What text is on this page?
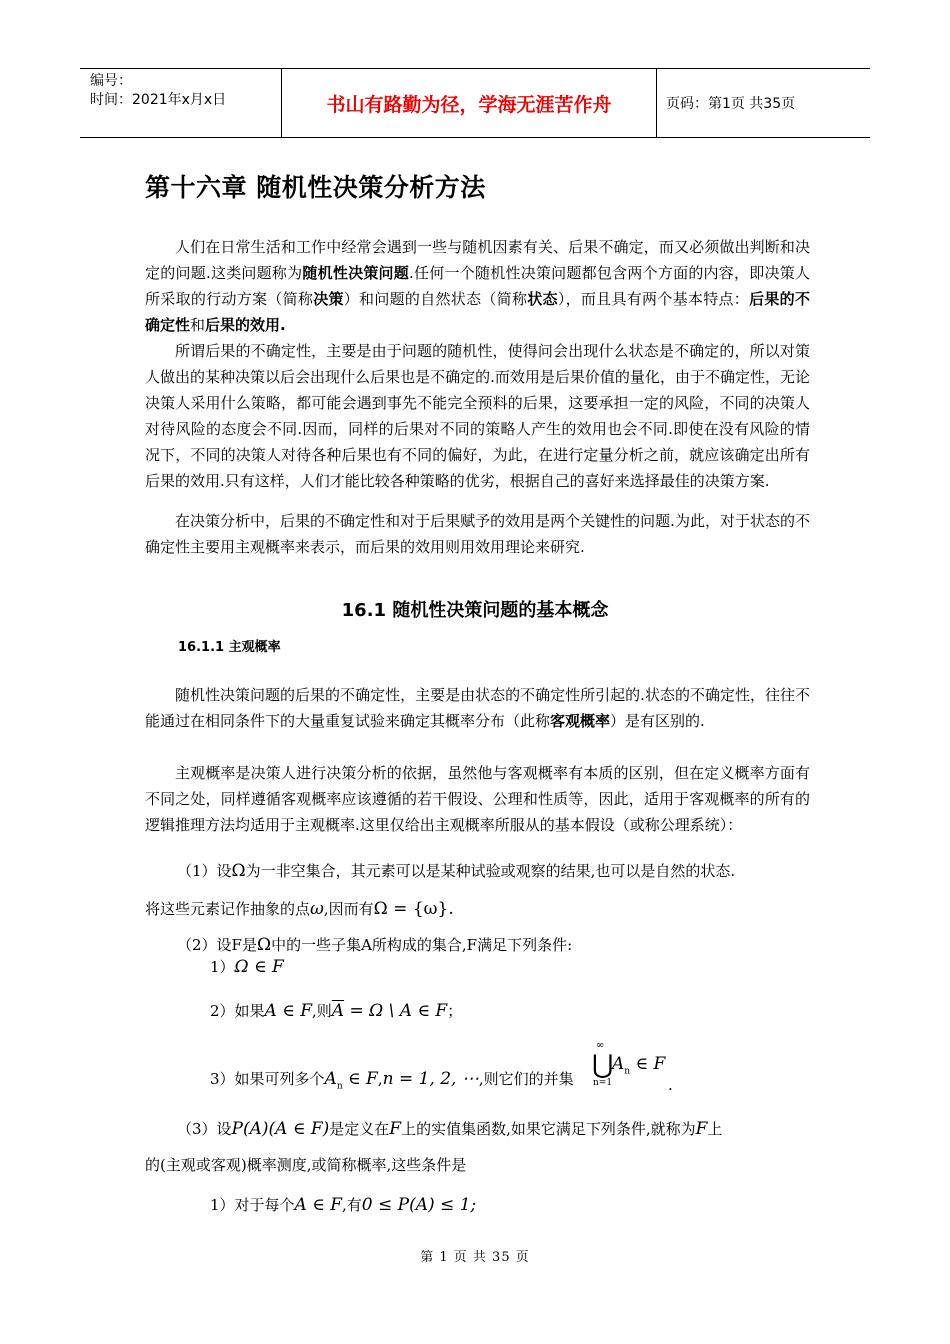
编号：
时间：2021年x月x日	书山有路勤为径，学海无涯苦作舟	页码：第1页 共35页
第十六章 随机性决策分析方法
人们在日常生活和工作中经常会遇到一些与随机因素有关、后果不确定，而又必须做出判断和决定的问题.这类问题称为随机性决策问题.任何一个随机性决策问题都包含两个方面的内容，即决策人所采取的行动方案（简称决策）和问题的自然状态（简称状态），而且具有两个基本特点：后果的不确定性和后果的效用.
所谓后果的不确定性，主要是由于问题的随机性，使得问会出现什么状态是不确定的，所以对策人做出的某种决策以后会出现什么后果也是不确定的.而效用是后果价值的量化，由于不确定性，无论决策人采用什么策略，都可能会遇到事先不能完全预料的后果，这要承担一定的风险，不同的决策人对待风险的态度会不同.因而，同样的后果对不同的策略人产生的效用也会不同.即使在没有风险的情况下，不同的决策人对待各种后果也有不同的偏好，为此，在进行定量分析之前，就应该确定出所有后果的效用.只有这样，人们才能比较各种策略的优劣，根据自己的喜好来选择最佳的决策方案.
在决策分析中，后果的不确定性和对于后果赋予的效用是两个关键性的问题.为此，对于状态的不确定性主要用主观概率来表示，而后果的效用则用效用理论来研究.
16.1 随机性决策问题的基本概念
16.1.1 主观概率
随机性决策问题的后果的不确定性，主要是由状态的不确定性所引起的.状态的不确定性，往往不能通过在相同条件下的大量重复试验来确定其概率分布（此称客观概率）是有区别的.
主观概率是决策人进行决策分析的依据，虽然他与客观概率有本质的区别，但在定义概率方面有不同之处，同样遵循客观概率应该遵循的若干假设、公理和性质等，因此，适用于客观概率的所有的逻辑推理方法均适用于主观概率.这里仅给出主观概率所服从的基本假设（或称公理系统）：
（1）设Ω为一非空集合，其元素可以是某种试验或观察的结果,也可以是自然的状态.
将这些元素记作抽象的点ω,因而有Ω = {ω}.
（2）设F是Ω中的一些子集A所构成的集合,F满足下列条件:
1）Ω ∈ F
2）如果A ∈ F,则$\overline{A} = \Omega$ \ A ∈ F；
3）如果可列多个$A_n$ ∈ F,n = 1, 2, ⋯,则它们的并集
∞
⋃
$A_n$ ∈ F
n=1	.
（3）设P(A)(A ∈ F)是定义在F上的实值集函数,如果它满足下列条件,就称为F上
的(主观或客观)概率测度,或简称概率,这些条件是
1）对于每个A ∈ F,有0 ≤ P(A) ≤ 1;
第 1 页 共 35 页
